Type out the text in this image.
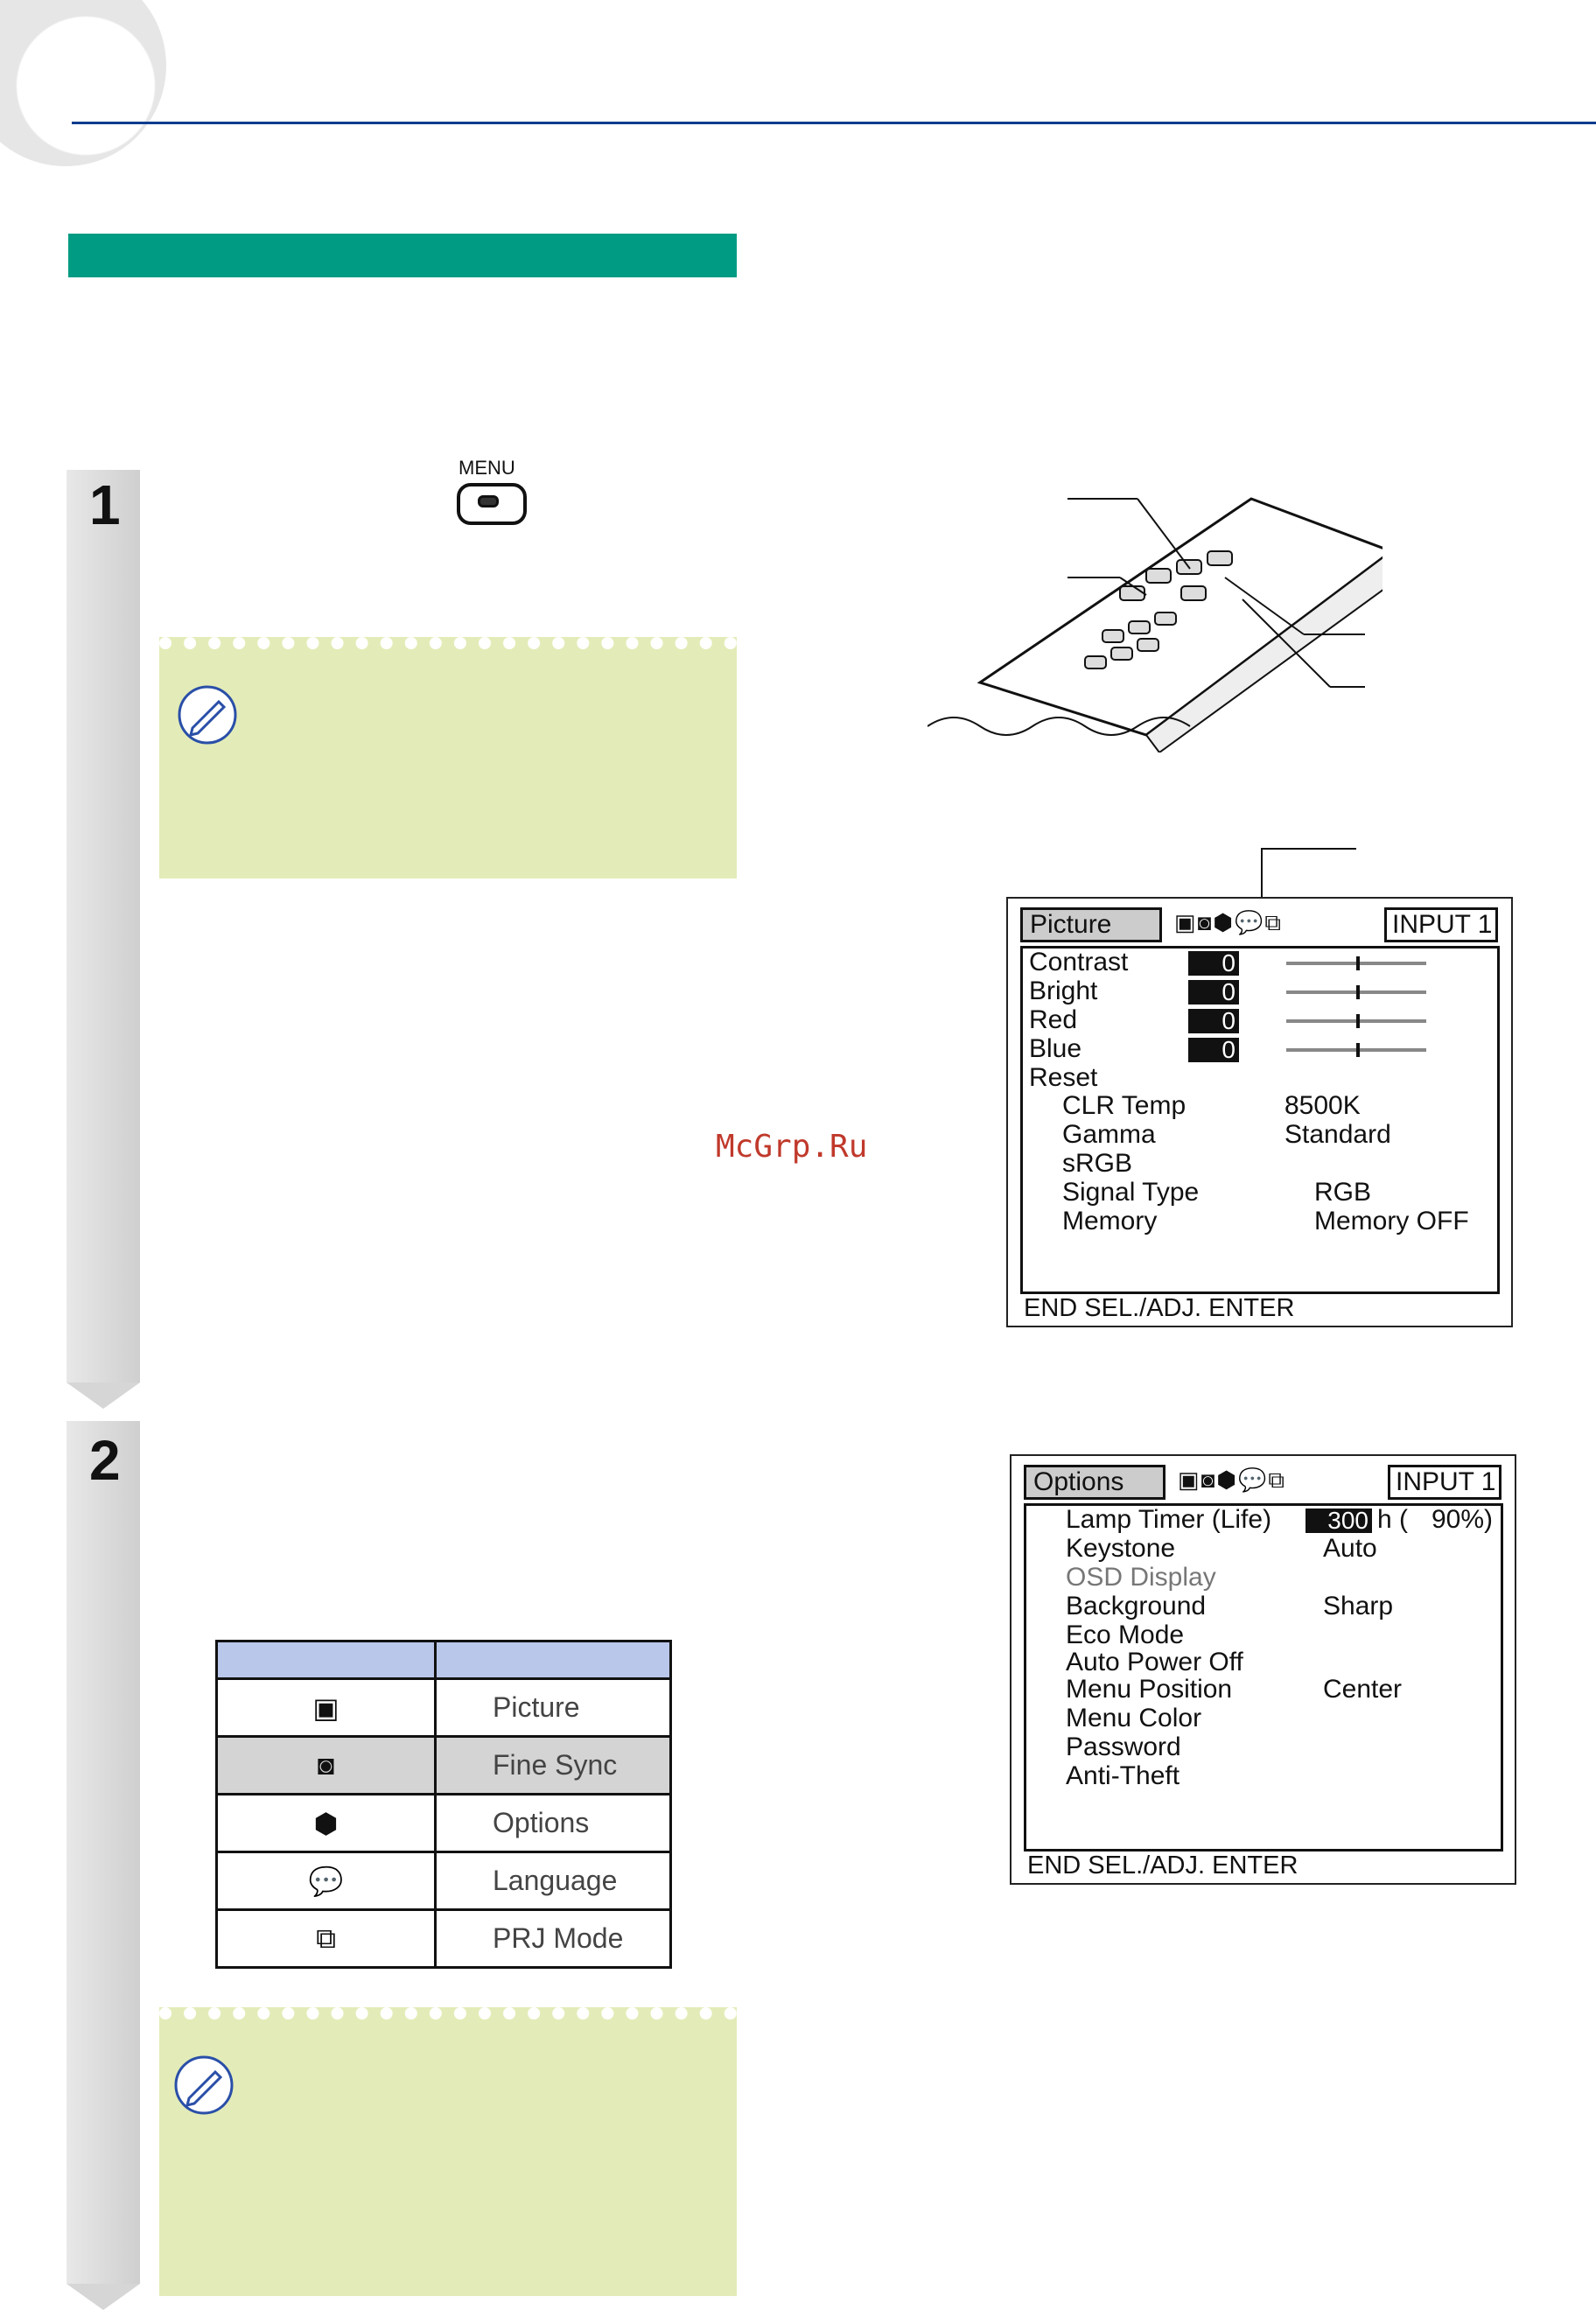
1
MENU
2

▣	Picture
◙	Fine Sync
⬢	Options
💬	Language
⧉	PRJ Mode
McGrp.Ru
Picture	▣◙⬢💬⧉	INPUT 1
Contrast	0
Bright	0
Red	0
Blue	0
Reset
CLR Temp	8500K
Gamma	Standard
sRGB
Signal Type	RGB
Memory	Memory OFF
END SEL./ADJ. ENTER
Options	▣◙⬢💬⧉	INPUT 1
Lamp Timer (Life)	300 h ( 90%)
Keystone	Auto
OSD Display
Background	Sharp
Eco Mode
Auto Power Off
Menu Position	Center
Menu Color
Password
Anti-Theft
END SEL./ADJ. ENTER
